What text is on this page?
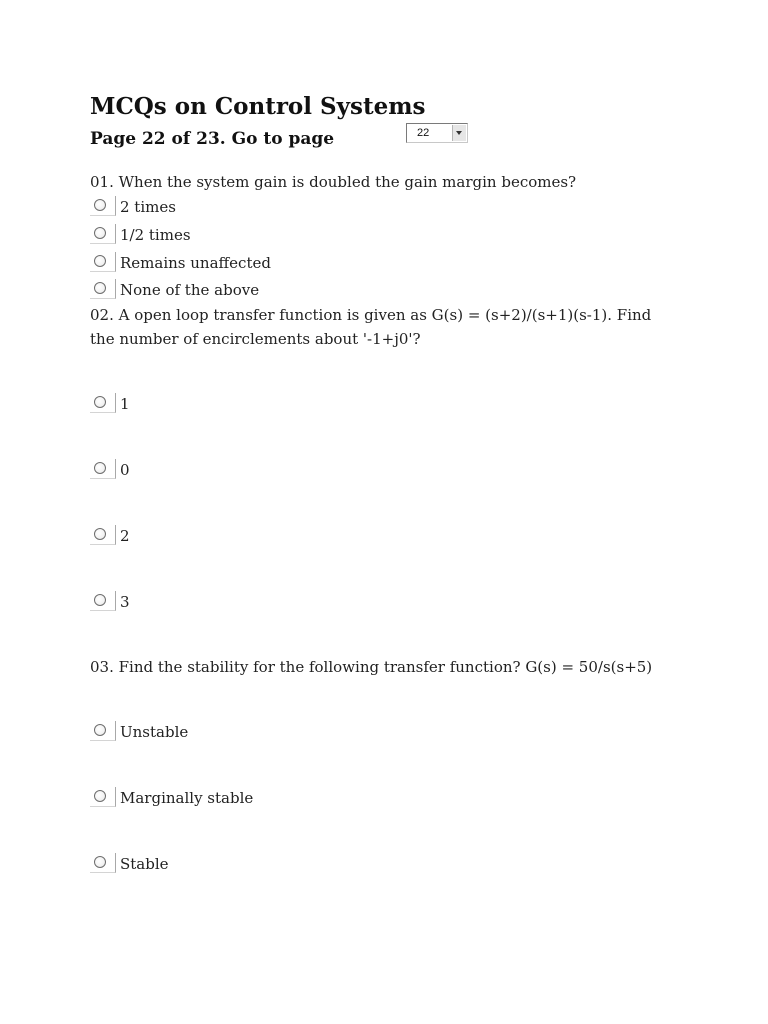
MCQs on Control Systems
Page 22 of 23. Go to page	22
01. When the system gain is doubled the gain margin becomes?
2 times
1/2 times
Remains unaffected
None of the above
02. A open loop transfer function is given as G(s) = (s+2)/(s+1)(s-1). Find the number of encirclements about '-1+j0'?
1
0
2
3
03. Find the stability for the following transfer function? G(s) = 50/s(s+5)
Unstable
Marginally stable
Stable
